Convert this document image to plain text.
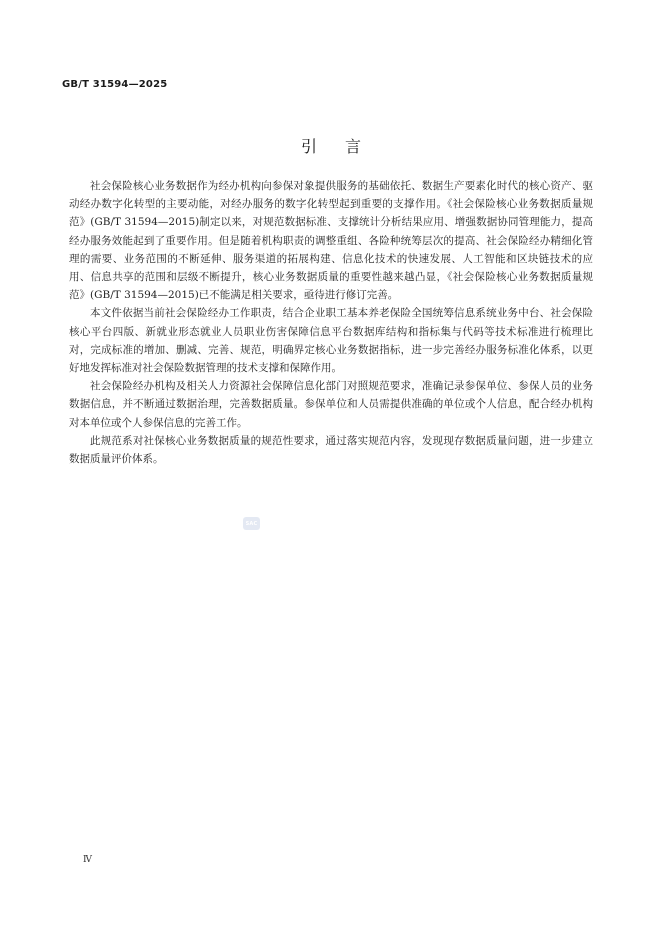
GB/T 31594—2025
引言

社会保险核心业务数据作为经办机构向参保对象提供服务的基础依托、数据生产要素化时代的核心资产、驱动经办数字化转型的主要动能，对经办服务的数字化转型起到重要的支撑作用。《社会保险核心业务数据质量规范》(GB/T 31594—2015)制定以来，对规范数据标准、支撑统计分析结果应用、增强数据协同管理能力，提高经办服务效能起到了重要作用。但是随着机构职责的调整重组、各险种统筹层次的提高、社会保险经办精细化管理的需要、业务范围的不断延伸、服务渠道的拓展构建、信息化技术的快速发展、人工智能和区块链技术的应用、信息共享的范围和层级不断提升，核心业务数据质量的重要性越来越凸显，《社会保险核心业务数据质量规范》(GB/T 31594—2015)已不能满足相关要求，亟待进行修订完善。

本文件依据当前社会保险经办工作职责，结合企业职工基本养老保险全国统筹信息系统业务中台、社会保险核心平台四版、新就业形态就业人员职业伤害保障信息平台数据库结构和指标集与代码等技术标准进行梳理比对，完成标准的增加、删减、完善、规范，明确界定核心业务数据指标，进一步完善经办服务标准化体系，以更好地发挥标准对社会保险数据管理的技术支撑和保障作用。

社会保险经办机构及相关人力资源社会保障信息化部门对照规范要求，准确记录参保单位、参保人员的业务数据信息，并不断通过数据治理，完善数据质量。参保单位和人员需提供准确的单位或个人信息，配合经办机构对本单位或个人参保信息的完善工作。

此规范系对社保核心业务数据质量的规范性要求，通过落实规范内容，发现现存数据质量问题，进一步建立数据质量评价体系。

SAC
Ⅳ
